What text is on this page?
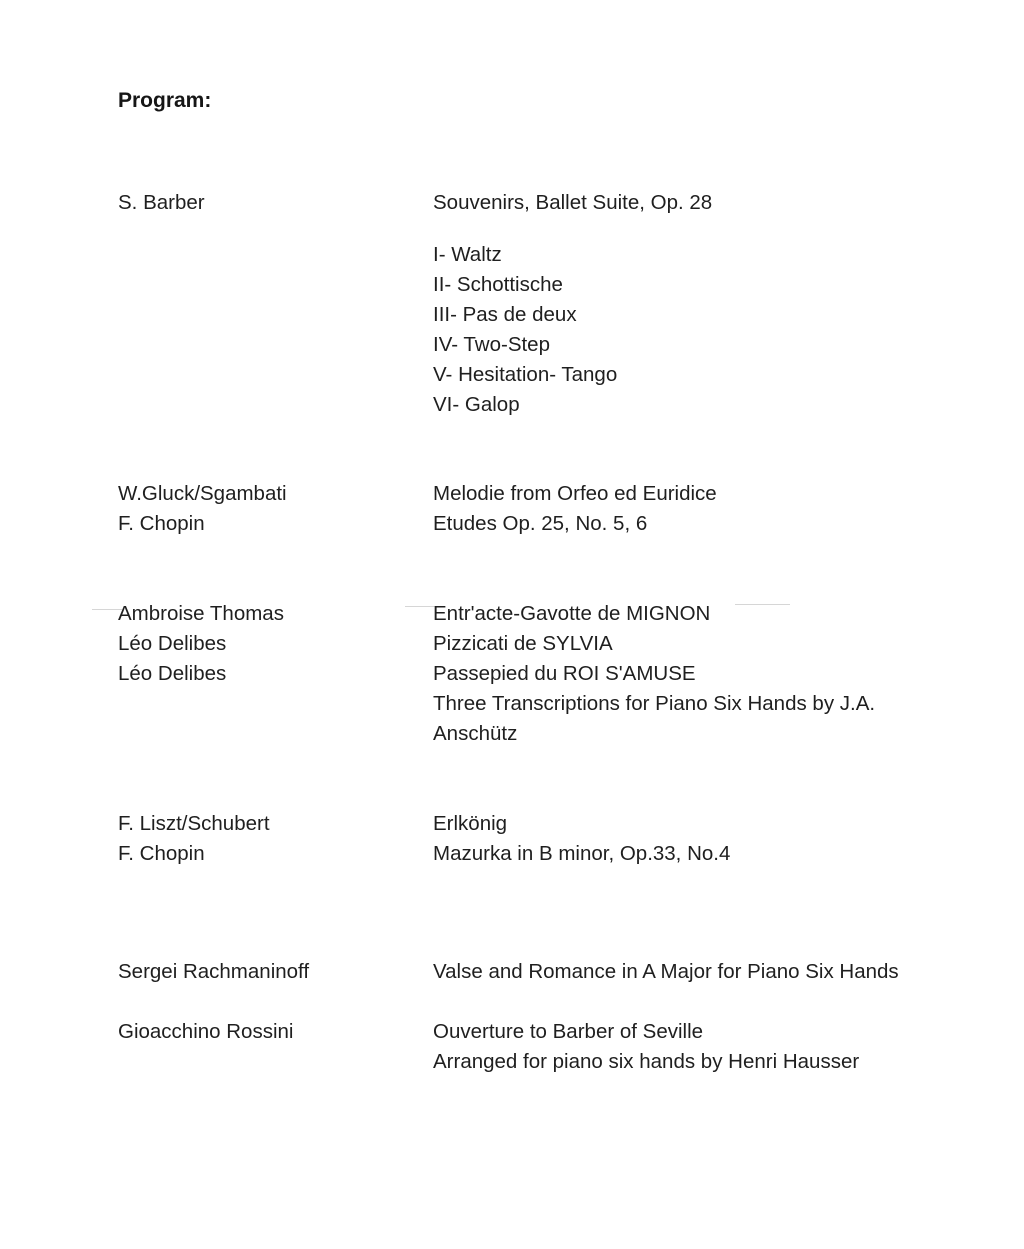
Program:
S. Barber	Souvenirs, Ballet Suite, Op. 28
I- Waltz
II- Schottische
III- Pas de deux
IV- Two-Step
V- Hesitation- Tango
VI- Galop
W.Gluck/Sgambati	Melodie from Orfeo ed Euridice
F. Chopin	Etudes Op. 25, No. 5, 6
Ambroise Thomas	Entr'acte-Gavotte de MIGNON
Léo Delibes	Pizzicati de SYLVIA
Léo Delibes	Passepied du ROI S'AMUSE
Three Transcriptions for Piano Six Hands by J.A.
Anschütz
F. Liszt/Schubert	Erlkönig
F. Chopin	Mazurka in B minor, Op.33, No.4
Sergei Rachmaninoff	Valse and Romance in A Major for Piano Six Hands
Gioacchino Rossini	Ouverture to Barber of Seville
Arranged for piano six hands by Henri Hausser
